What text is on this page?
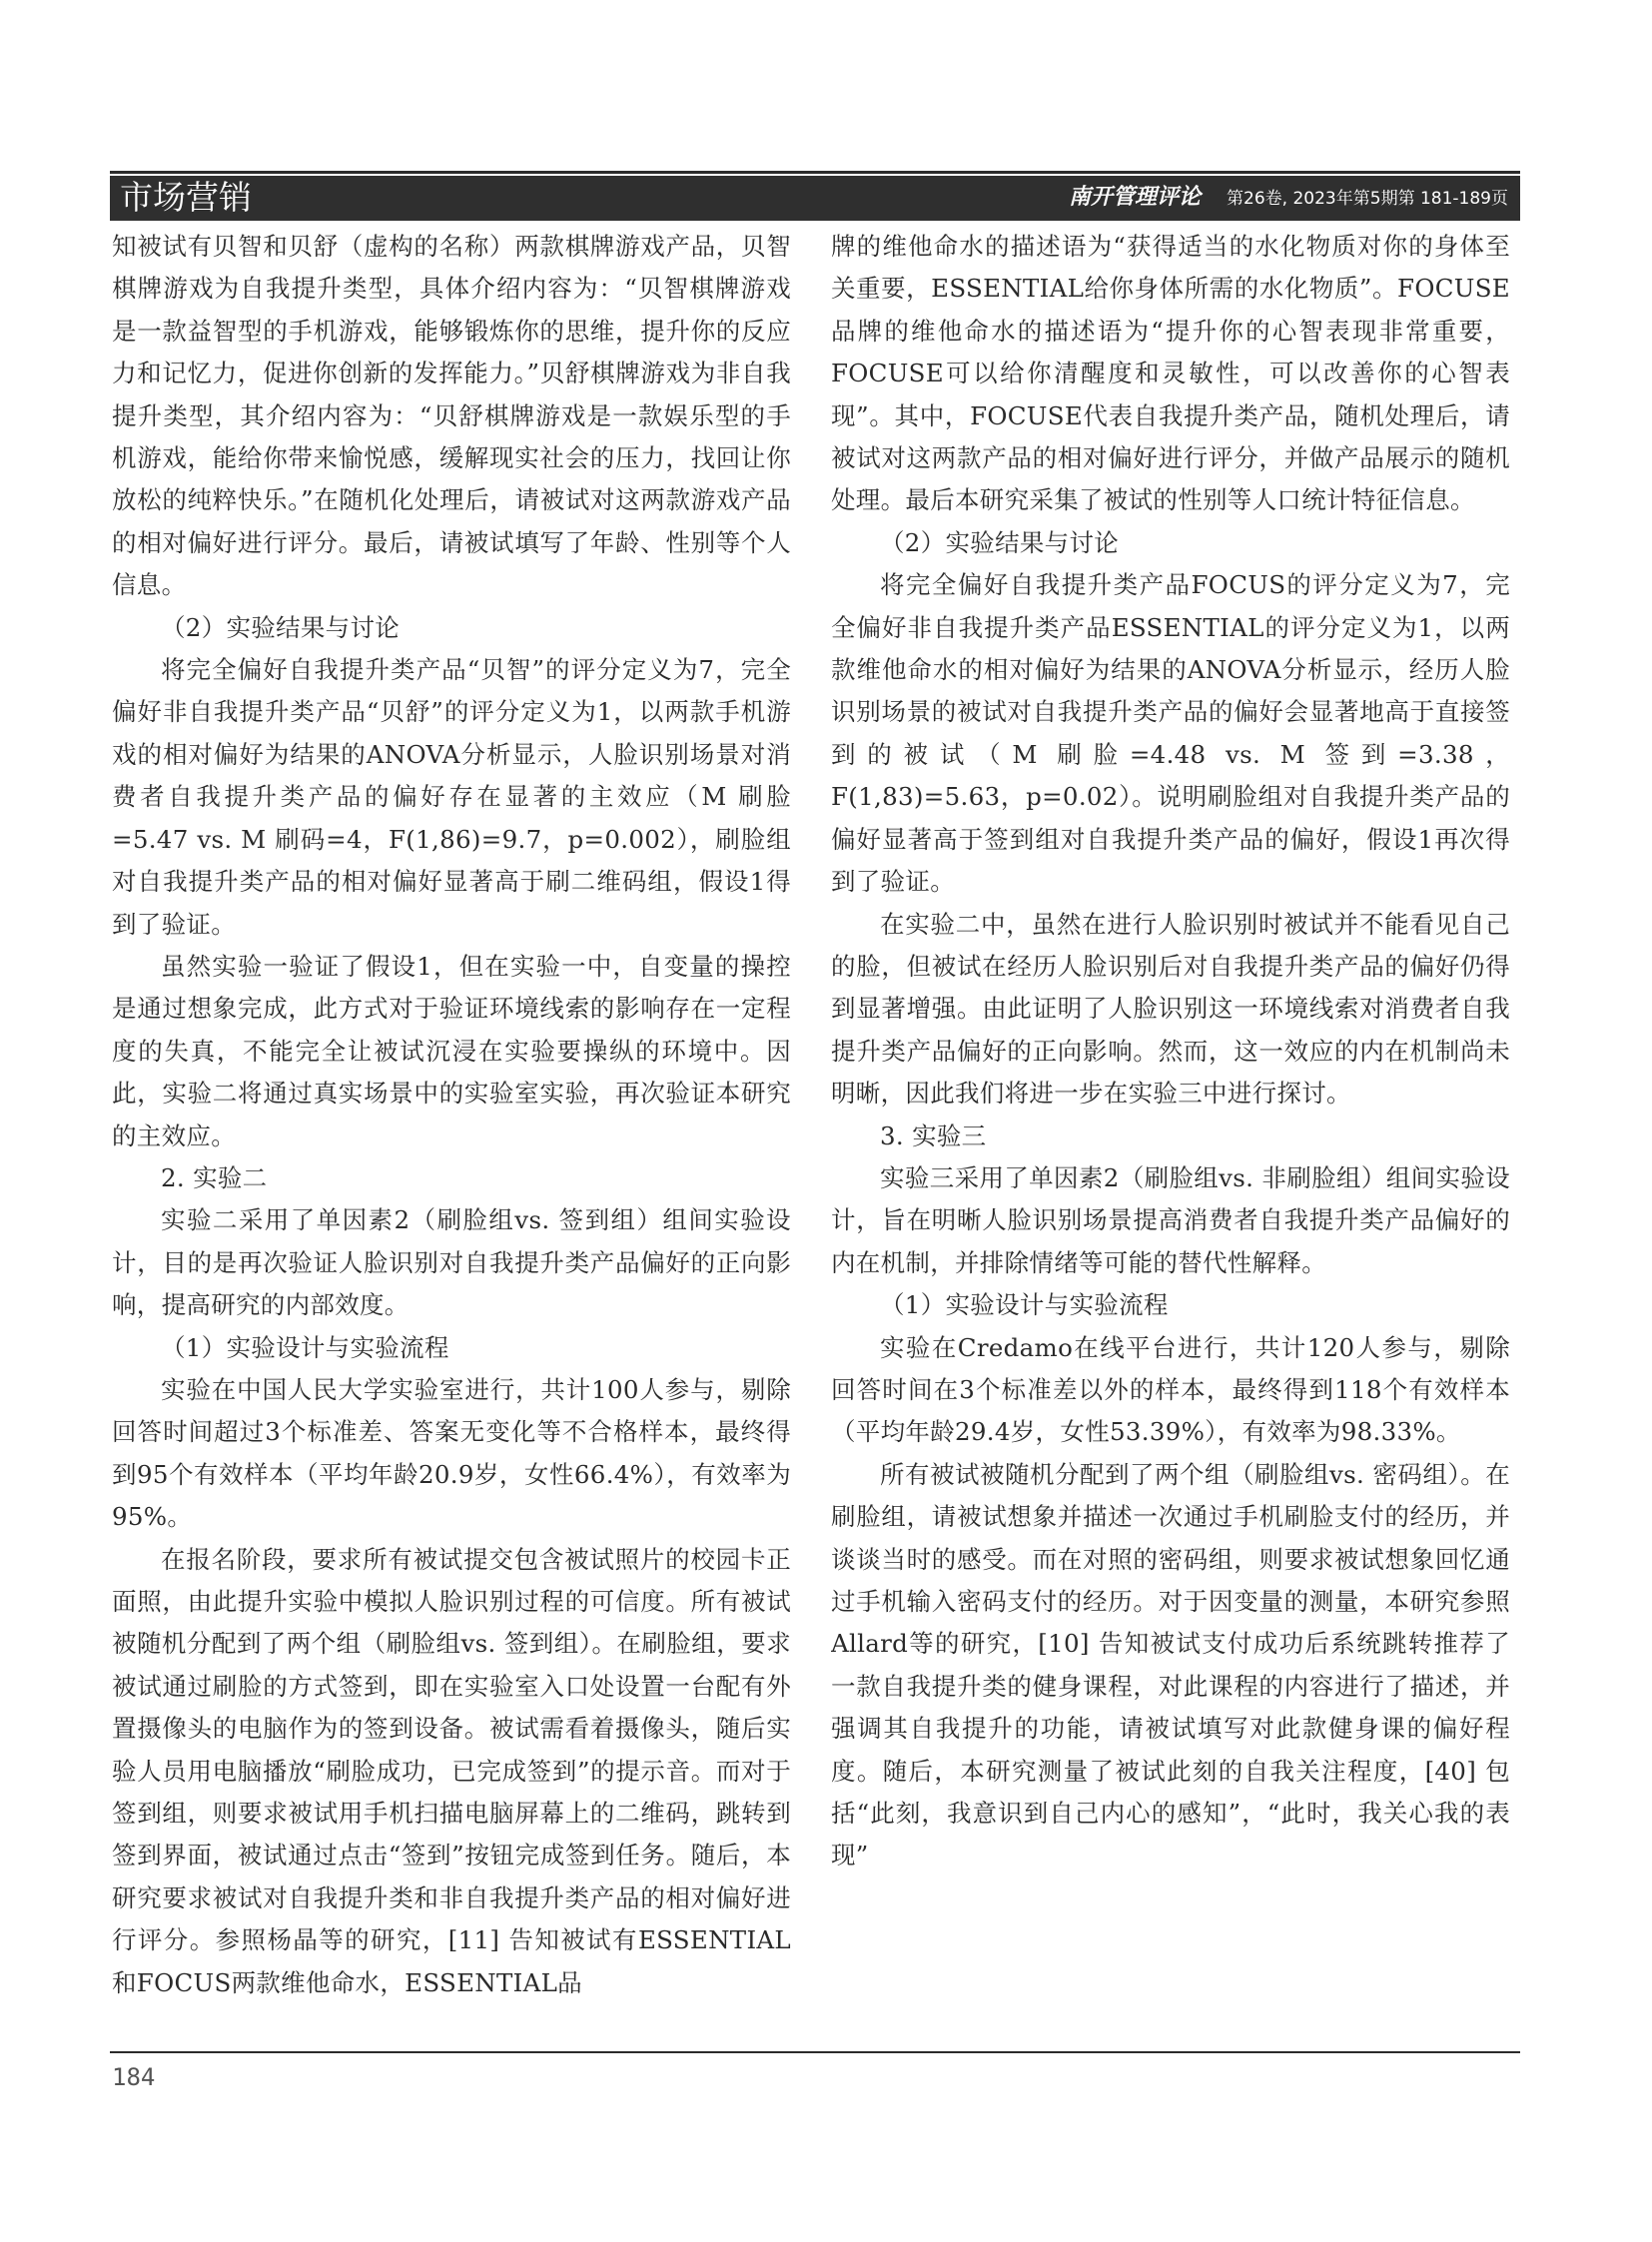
市场营销	南开管理评论 第26卷, 2023年第5期第 181-189页

知被试有贝智和贝舒（虚构的名称）两款棋牌游戏产品，贝智棋牌游戏为自我提升类型，具体介绍内容为：“贝智棋牌游戏是一款益智型的手机游戏，能够锻炼你的思维，提升你的反应力和记忆力，促进你创新的发挥能力。”贝舒棋牌游戏为非自我提升类型，其介绍内容为：“贝舒棋牌游戏是一款娱乐型的手机游戏，能给你带来愉悦感，缓解现实社会的压力，找回让你放松的纯粹快乐。”在随机化处理后，请被试对这两款游戏产品的相对偏好进行评分。最后，请被试填写了年龄、性别等个人信息。

（2）实验结果与讨论

将完全偏好自我提升类产品“贝智”的评分定义为7，完全偏好非自我提升类产品“贝舒”的评分定义为1，以两款手机游戏的相对偏好为结果的ANOVA分析显示，人脸识别场景对消费者自我提升类产品的偏好存在显著的主效应（M 刷脸=5.47 vs. M 刷码=4，F(1,86)=9.7，p=0.002），刷脸组对自我提升类产品的相对偏好显著高于刷二维码组，假设1得到了验证。

虽然实验一验证了假设1，但在实验一中，自变量的操控是通过想象完成，此方式对于验证环境线索的影响存在一定程度的失真，不能完全让被试沉浸在实验要操纵的环境中。因此，实验二将通过真实场景中的实验室实验，再次验证本研究的主效应。

2. 实验二

实验二采用了单因素2（刷脸组vs. 签到组）组间实验设计，目的是再次验证人脸识别对自我提升类产品偏好的正向影响，提高研究的内部效度。

（1）实验设计与实验流程

实验在中国人民大学实验室进行，共计100人参与，剔除回答时间超过3个标准差、答案无变化等不合格样本，最终得到95个有效样本（平均年龄20.9岁，女性66.4%），有效率为95%。

在报名阶段，要求所有被试提交包含被试照片的校园卡正面照，由此提升实验中模拟人脸识别过程的可信度。所有被试被随机分配到了两个组（刷脸组vs. 签到组）。在刷脸组，要求被试通过刷脸的方式签到，即在实验室入口处设置一台配有外置摄像头的电脑作为的签到设备。被试需看着摄像头，随后实验人员用电脑播放“刷脸成功，已完成签到”的提示音。而对于签到组，则要求被试用手机扫描电脑屏幕上的二维码，跳转到签到界面，被试通过点击“签到”按钮完成签到任务。随后，本研究要求被试对自我提升类和非自我提升类产品的相对偏好进行评分。参照杨晶等的研究，[11] 告知被试有ESSENTIAL和FOCUS两款维他命水，ESSENTIAL品

牌的维他命水的描述语为“获得适当的水化物质对你的身体至关重要，ESSENTIAL给你身体所需的水化物质”。FOCUSE品牌的维他命水的描述语为“提升你的心智表现非常重要，FOCUSE可以给你清醒度和灵敏性，可以改善你的心智表现”。其中，FOCUSE代表自我提升类产品，随机处理后，请被试对这两款产品的相对偏好进行评分，并做产品展示的随机处理。最后本研究采集了被试的性别等人口统计特征信息。

（2）实验结果与讨论

将完全偏好自我提升类产品FOCUS的评分定义为7，完全偏好非自我提升类产品ESSENTIAL的评分定义为1，以两款维他命水的相对偏好为结果的ANOVA分析显示，经历人脸识别场景的被试对自我提升类产品的偏好会显著地高于直接签到的被试（M 刷脸=4.48 vs. M 签到=3.38，F(1,83)=5.63，p=0.02）。说明刷脸组对自我提升类产品的偏好显著高于签到组对自我提升类产品的偏好，假设1再次得到了验证。

在实验二中，虽然在进行人脸识别时被试并不能看见自己的脸，但被试在经历人脸识别后对自我提升类产品的偏好仍得到显著增强。由此证明了人脸识别这一环境线索对消费者自我提升类产品偏好的正向影响。然而，这一效应的内在机制尚未明晰，因此我们将进一步在实验三中进行探讨。

3. 实验三

实验三采用了单因素2（刷脸组vs. 非刷脸组）组间实验设计，旨在明晰人脸识别场景提高消费者自我提升类产品偏好的内在机制，并排除情绪等可能的替代性解释。

（1）实验设计与实验流程

实验在Credamo在线平台进行，共计120人参与，剔除回答时间在3个标准差以外的样本，最终得到118个有效样本（平均年龄29.4岁，女性53.39%），有效率为98.33%。

所有被试被随机分配到了两个组（刷脸组vs. 密码组）。在刷脸组，请被试想象并描述一次通过手机刷脸支付的经历，并谈谈当时的感受。而在对照的密码组，则要求被试想象回忆通过手机输入密码支付的经历。对于因变量的测量，本研究参照Allard等的研究，[10] 告知被试支付成功后系统跳转推荐了一款自我提升类的健身课程，对此课程的内容进行了描述，并强调其自我提升的功能，请被试填写对此款健身课的偏好程度。随后，本研究测量了被试此刻的自我关注程度，[40] 包括“此刻，我意识到自己内心的感知”，“此时，我关心我的表现”

184
